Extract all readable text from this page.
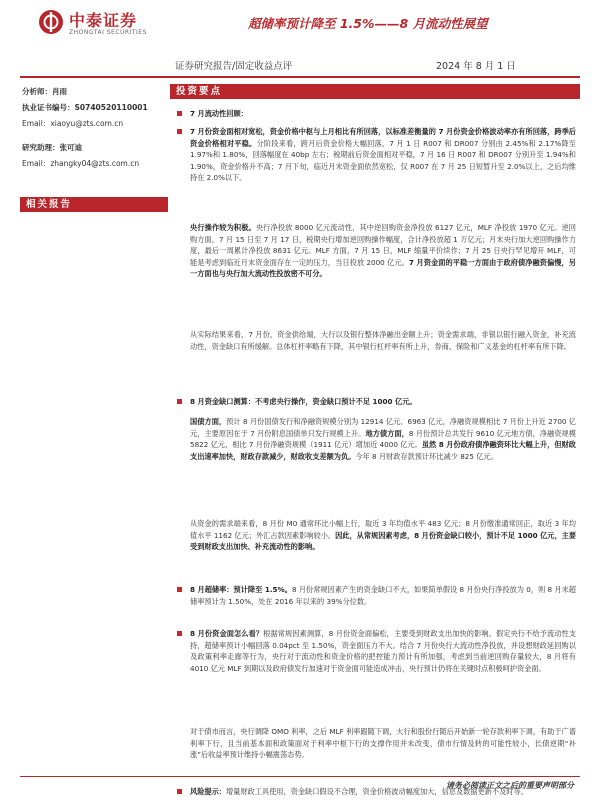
中泰证券
ZHONGTAI SECURITIES
超储率预计降至 1.5%——8 月流动性展望
证券研究报告/固定收益点评	2024 年 8 月 1 日
分析师：肖雨
执业证书编号：S0740520110001
Email：xiaoyu@zts.com.cn
研究助理：张可迪
Email：zhangky04@zts.com.cn
相关报告
投资要点
7 月流动性回顾：
7 月份资金面相对宽松，资金价格中枢与上月相比有所回落，以标准差衡量的 7 月份资金价格波动率亦有所回落，跨季后资金价格相对平稳。分阶段来看，跨月后资金价格大幅回落，7 月 1 日 R007 和 DR007 分别由 2.45%和 2.17%降至 1.97%和 1.80%，回落幅度在 40bp 左右；税期前后资金面相对平稳，7 月 16 日 R007 和 DR007 分别升至 1.94%和 1.90%，资金价格升不高；7 月下旬，临近月末资金面依然宽松，仅 R007 在 7 月 25 日短暂升至 2.0%以上，之后均维持在 2.0%以下。
央行操作较为积极。央行净投放 8000 亿元流动性，其中逆回购资金净投放 6127 亿元，MLF 净投放 1970 亿元。逆回购方面，7 月 15 日至 7 月 17 日，税期央行增加逆回购操作幅度，合计净投放超 1 万亿元；月末央行加大逆回购操作力度，最后一周累计净投放 8631 亿元。MLF 方面，7 月 15 日，MLF 缩量平价续作；7 月 25 日央行罕见增开 MLF，可能是考虑到临近月末资金面存在一定的压力，当日投放 2000 亿元。7 月资金面的平稳一方面由于政府债净融资偏慢，另一方面也与央行加大流动性投放密不可分。
从实际结果来看，7 月份，资金供给端，大行以及银行整体净融出金额上升；资金需求端，非银以银行融入资金，补充流动性，资金缺口有所缓解。总体杠杆率略有下降，其中银行杠杆率有所上升，券商、保险和广义基金的杠杆率有所下降。
8 月资金缺口测算：不考虑央行操作，资金缺口预计不足 1000 亿元。
国债方面，预计 8 月份国债发行和净融资规模分别为 12914 亿元、6963 亿元，净融资规模相比 7 月份上升近 2700 亿元，主要原因在于 7 月份附息国债单只发行规模上升。地方债方面，8 月份预计总共发行 9610 亿元地方债，净融资规模 5822 亿元，相比 7 月份净融资规模（1911 亿元）增加近 4000 亿元。虽然 8 月份政府债净融资环比大幅上升，但财政支出速率加快，财政存款减少，财政收支差额为负。今年 8 月财政存款预计环比减少 825 亿元。
从资金的需求端来看，8 月份 M0 通常环比小幅上行，取近 3 年均值水平 483 亿元；8 月份缴准通常回正，取近 3 年均值水平 1162 亿元；外汇占款因素影响较小。因此，从常规因素考虑，8 月份资金缺口较小，预计不足 1000 亿元，主要受到财政支出加快、补充流动性的影响。
8 月超储率：预计降至 1.5%。8 月份常规因素产生的资金缺口不大，如果简单假设 8 月份央行净投放为 0，则 8 月末超储率预计为 1.50%，处在 2016 年以来的 39%分位数。
8 月份资金面怎么看？根据常规因素测算，8 月份资金面偏松，主要受到财政支出加快的影响。假定央行不给予流动性支持，超储率预计小幅回落 0.04pct 至 1.50%，资金面压力不大。结合 7 月份央行大流动性净投放，并设想财政延回购以及政策利率走廊等行为，央行对于流动性和资金价格的把控能力预计有所加强，考虑到当前逆回购存量较大，8 月将有 4010 亿元 MLF 到期以及政府债发行加速对于资金面可能造成冲击，央行预计仍将在关键时点积极呵护资金面。
对于债市而言，央行调降 OMO 利率，之后 MLF 利率跟随下调，大行和股份行随后开始新一轮存款利率下调，有助于广谱利率下行，且当前基本面和政策面对于利率中枢下行的支撑作用并未改变，债市行情及转的可能性较小，长债逆期“补涨”后收益率预计维持小幅震荡态势。
风险提示：增量财政工具使用，资金缺口假设不合理，资金价格波动幅度加大，信息及数据更新不及时等。
请务必阅读正文之后的重要声明部分
